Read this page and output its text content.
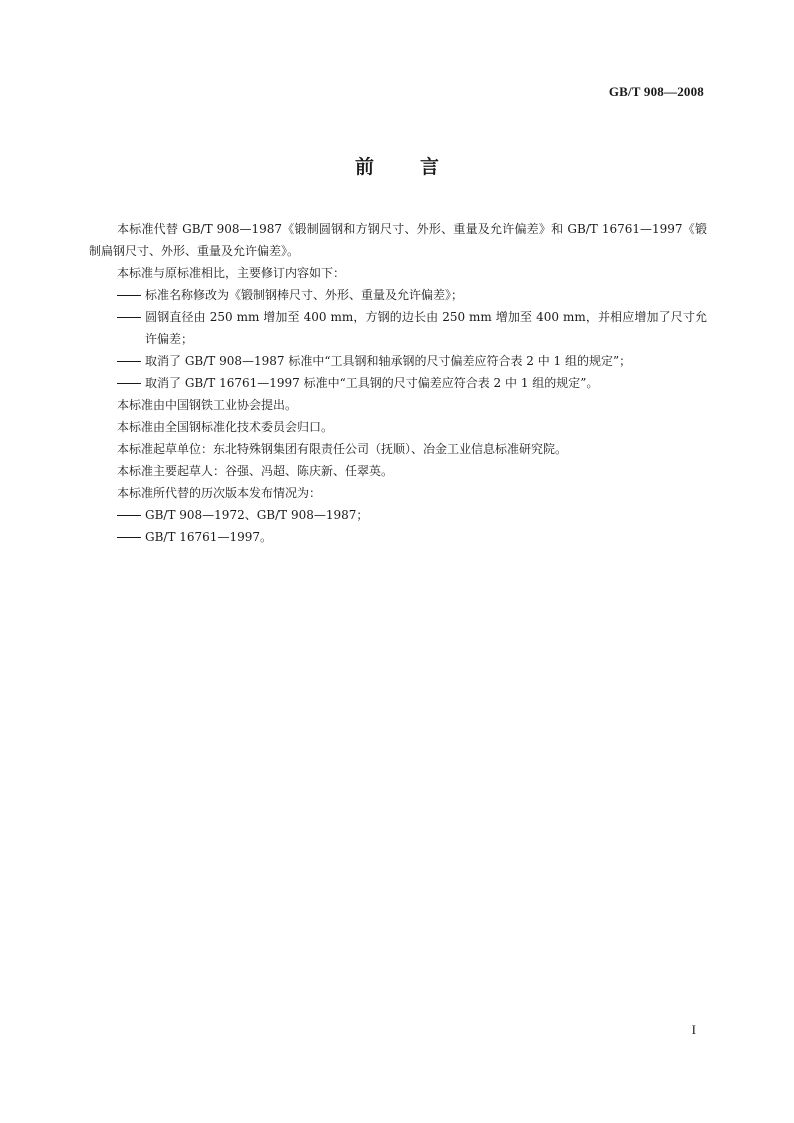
GB/T 908—2008
前 言

本标准代替 GB/T 908—1987《锻制圆钢和方钢尺寸、外形、重量及允许偏差》和 GB/T 16761—1997《锻制扁钢尺寸、外形、重量及允许偏差》。

本标准与原标准相比，主要修订内容如下：

标准名称修改为《锻制钢棒尺寸、外形、重量及允许偏差》；

圆钢直径由 250 mm 增加至 400 mm，方钢的边长由 250 mm 增加至 400 mm，并相应增加了尺寸允许偏差；

取消了 GB/T 908—1987 标准中“工具钢和轴承钢的尺寸偏差应符合表 2 中 1 组的规定”；

取消了 GB/T 16761—1997 标准中“工具钢的尺寸偏差应符合表 2 中 1 组的规定”。

本标准由中国钢铁工业协会提出。

本标准由全国钢标准化技术委员会归口。

本标准起草单位：东北特殊钢集团有限责任公司（抚顺）、冶金工业信息标准研究院。

本标准主要起草人：谷强、冯超、陈庆新、任翠英。

本标准所代替的历次版本发布情况为：

GB/T 908—1972、GB/T 908—1987；

GB/T 16761—1997。

I
